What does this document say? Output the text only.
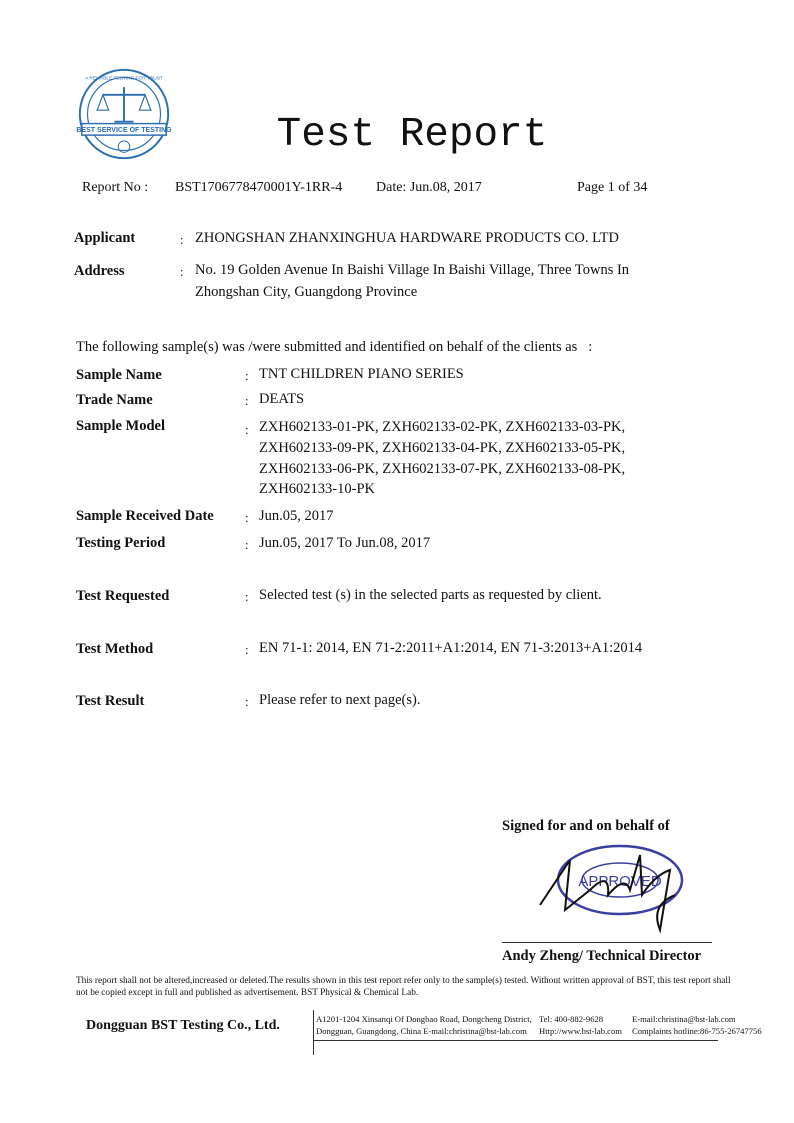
BEST SERVICE OF TESTING
A RELIABLE TESTING FOR TRUST
Test Report
Report No : BST1706778470001Y-1RR-4 Date: Jun.08, 2017	Page 1 of 34
Applicant	: ZHONGSHAN ZHANXINGHUA HARDWARE PRODUCTS CO. LTD
Address	: No. 19 Golden Avenue In Baishi Village In Baishi Village, Three Towns In
Zhongshan City, Guangdong Province
The following sample(s) was /were submitted and identified on behalf of the clients as :
Sample Name	: TNT CHILDREN PIANO SERIES
Trade Name	: DEATS
Sample Model	: ZXH602133-01-PK, ZXH602133-02-PK, ZXH602133-03-PK,
ZXH602133-09-PK, ZXH602133-04-PK, ZXH602133-05-PK,
ZXH602133-06-PK, ZXH602133-07-PK, ZXH602133-08-PK,
ZXH602133-10-PK
Sample Received Date : Jun.05, 2017
Testing Period	: Jun.05, 2017 To Jun.08, 2017
Test Requested	: Selected test (s) in the selected parts as requested by client.
Test Method	: EN 71-1: 2014, EN 71-2:2011+A1:2014, EN 71-3:2013+A1:2014
Test Result	: Please refer to next page(s).
Signed for and on behalf of
APPROVED
Andy Zheng/ Technical Director
This report shall not be altered,increased or deleted.The results shown in this test report refer only to the sample(s) tested. Without written approval of BST, this test report shall not be copied except in full and published as advertisement. BST Physical & Chemical Lab.
Dongguan BST Testing Co., Ltd.	A1201-1204 Xinsanqi Of Dongbao Road, Dongcheng District,
Dongguan, Guangdong, China E-mail:christina@bst-lab.com
Tel: 400-882-9628
Http://www.bst-lab.com
E-mail:christina@bst-lab.com
Complaints hotline:86-755-26747756
